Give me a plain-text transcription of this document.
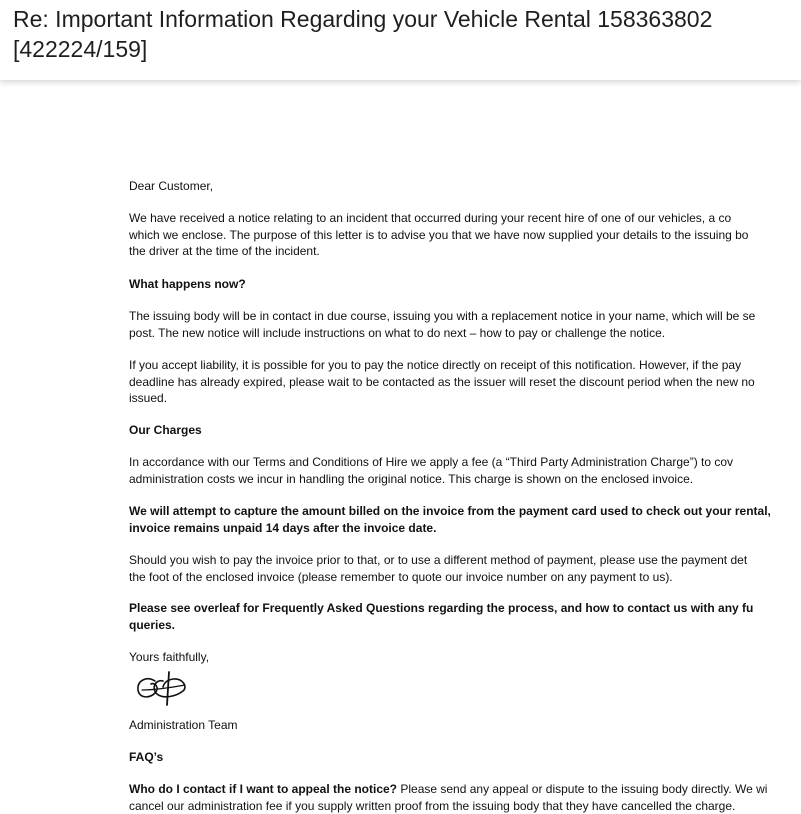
Re: Important Information Regarding your Vehicle Rental 158363802
[422224/159]

Dear Customer,

We have received a notice relating to an incident that occurred during your recent hire of one of our vehicles, a co

which we enclose. The purpose of this letter is to advise you that we have now supplied your details to the issuing bo

the driver at the time of the incident.

What happens now?

The issuing body will be in contact in due course, issuing you with a replacement notice in your name, which will be se

post. The new notice will include instructions on what to do next – how to pay or challenge the notice.

If you accept liability, it is possible for you to pay the notice directly on receipt of this notification. However, if the pay

deadline has already expired, please wait to be contacted as the issuer will reset the discount period when the new no

issued.

Our Charges

In accordance with our Terms and Conditions of Hire we apply a fee (a “Third Party Administration Charge”) to cov

administration costs we incur in handling the original notice. This charge is shown on the enclosed invoice.

We will attempt to capture the amount billed on the invoice from the payment card used to check out your rental,

invoice remains unpaid 14 days after the invoice date.

Should you wish to pay the invoice prior to that, or to use a different method of payment, please use the payment det

the foot of the enclosed invoice (please remember to quote our invoice number on any payment to us).

Please see overleaf for Frequently Asked Questions regarding the process, and how to contact us with any fu

queries.

Yours faithfully,

Administration Team

FAQ’s

Who do I contact if I want to appeal the notice? Please send any appeal or dispute to the issuing body directly. We wi

cancel our administration fee if you supply written proof from the issuing body that they have cancelled the charge.
